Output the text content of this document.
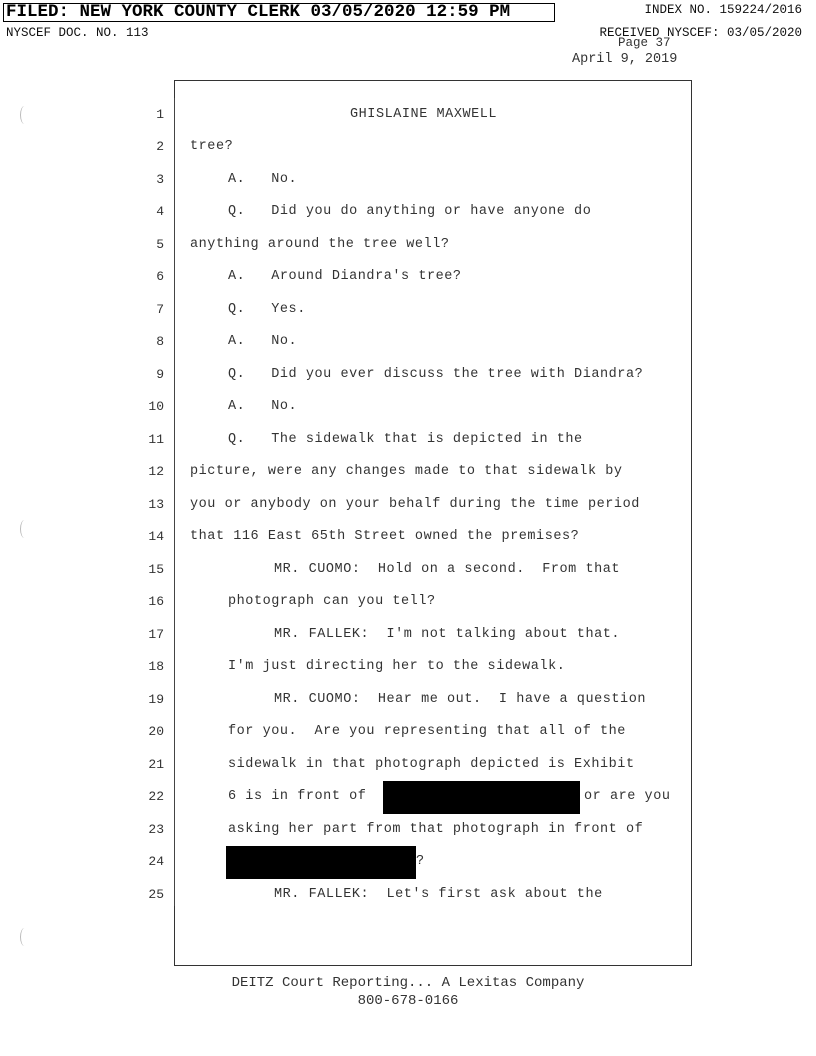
FILED: NEW YORK COUNTY CLERK 03/05/2020 12:59 PM	INDEX NO. 159224/2016
NYSCEF DOC. NO. 113	RECEIVED NYSCEF: 03/05/2020
Page 37
April 9, 2019
1
2
3
4
5
6
7
8
9
10
11
12
13
14
15
16
17
18
19
20
21
22
23
24
25
GHISLAINE MAXWELL
tree?
A.   No.
Q.   Did you do anything or have anyone do
anything around the tree well?
A.   Around Diandra's tree?
Q.   Yes.
A.   No.
Q.   Did you ever discuss the tree with Diandra?
A.   No.
Q.   The sidewalk that is depicted in the
picture, were any changes made to that sidewalk by
you or anybody on your behalf during the time period
that 116 East 65th Street owned the premises?
MR. CUOMO:  Hold on a second.  From that
photograph can you tell?
MR. FALLEK:  I'm not talking about that.
I'm just directing her to the sidewalk.
MR. CUOMO:  Hear me out.  I have a question
for you.  Are you representing that all of the
sidewalk in that photograph depicted is Exhibit
6 is in front of	or are you
asking her part from that photograph in front of
?
MR. FALLEK:  Let's first ask about the
DEITZ Court Reporting... A Lexitas Company
800-678-0166
